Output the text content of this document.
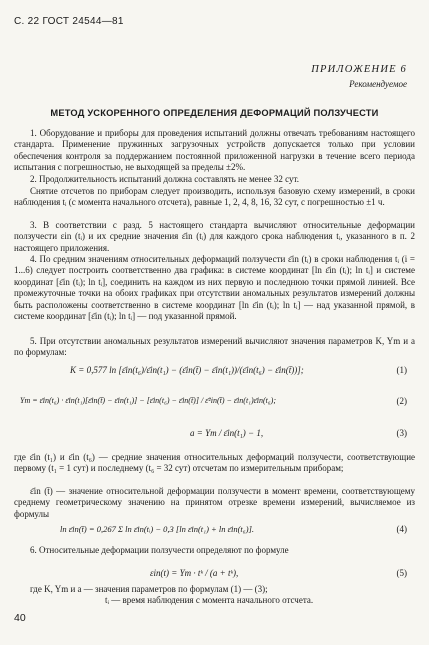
С. 22 ГОСТ 24544—81
ПРИЛОЖЕНИЕ 6
Рекомендуемое
МЕТОД УСКОРЕННОГО ОПРЕДЕЛЕНИЯ ДЕФОРМАЦИЙ ПОЛЗУЧЕСТИ

1. Оборудование и приборы для проведения испытаний должны отвечать требованиям настоящего стандарта. Применение пружинных загрузочных устройств допускается только при условии обеспечения контроля за поддержанием постоянной приложенной нагрузки в течение всего периода испытания с погрешностью, не выходящей за пределы ±2%.

2. Продолжительность испытаний должна составлять не менее 32 сут.

Снятие отсчетов по приборам следует производить, используя базовую схему измерений, в сроки наблюдения tᵢ (с момента начального отсчета), равные 1, 2, 4, 8, 16, 32 сут, с погрешностью ±1 ч.

3. В соответствии с разд. 5 настоящего стандарта вычисляют относительные деформации ползучести εin (tᵢ) и их средние значения ε̄in (tᵢ) для каждого срока наблюдения tᵢ, указанного в п. 2 настоящего приложения.

4. По средним значениям относительных деформаций ползучести ε̄in (tᵢ) в сроки наблюдения tᵢ (i = 1...6) следует построить соответственно два графика: в системе координат [ln ε̄in (tᵢ); ln tᵢ] и системе координат [ε̄in (tᵢ); ln tᵢ], соединить на каждом из них первую и последнюю точки прямой линией. Все промежуточные точки на обоих графиках при отсутствии аномальных результатов измерений должны быть расположены соответственно в системе координат [ln ε̄in (tᵢ); ln tᵢ] — над указанной прямой, в системе координат [ε̄in (tᵢ); ln tᵢ] — под указанной прямой.

5. При отсутствии аномальных результатов измерений вычисляют значения параметров K, Ym и a по формулам:

K = 0,577 ln [ε̄in(t₆)/ε̄in(t₁) − (ε̄in(t̄) − ε̄in(t₁))/(ε̄in(t₆) − ε̄in(t̄))];	(1)
Ym = ε̄in(t₆) · ε̄in(t₁)[ε̄in(t̄) − ε̄in(t₁)] − [ε̄in(t₆) − ε̄in(t̄)] / ε̄²in(t̄) − ε̄in(t₁)ε̄in(t₆);	(2)
a = Ym / ε̄in(t₁) − 1,	(3)

где ε̄in (t₁) и ε̄in (t₆) — средние значения относительных деформаций ползучести, соответствующие первому (t₁ = 1 сут) и последнему (t₆ = 32 сут) отсчетам по измерительным приборам;

ε̄in (t̄) — значение относительной деформации ползучести в момент времени, соответствующему среднему геометрическому значению на принятом отрезке времени измерений, вычисляемое из формулы

ln ε̄in(t̄) = 0,267 Σ ln ε̄in(tᵢ) − 0,3 [ln ε̄in(t₁) + ln ε̄in(t₆)].	(4)

6. Относительные деформации ползучести определяют по формуле

εin(t) = Ym · tᵏ / (a + tᵏ),	(5)
где K, Ym и a — значения параметров по формулам (1) — (3);
tᵢ — время наблюдения с момента начального отсчета.
40
